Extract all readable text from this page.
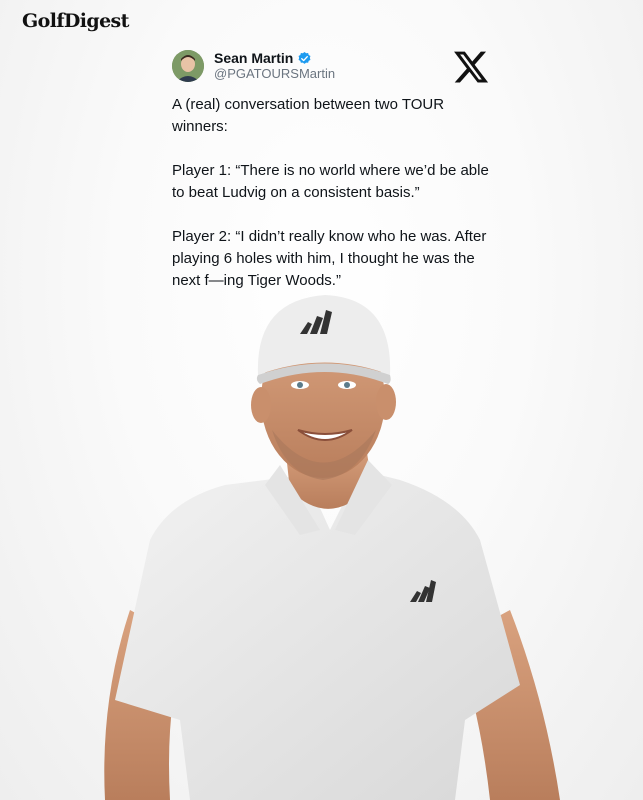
GolfDigest
Sean Martin
@PGATOURSMartin

A (real) conversation between two TOUR winners:

Player 1: “There is no world where we’d be able to beat Ludvig on a consistent basis.”

Player 2: “I didn’t really know who he was. After playing 6 holes with him, I thought he was the next f—ing Tiger Woods.”
